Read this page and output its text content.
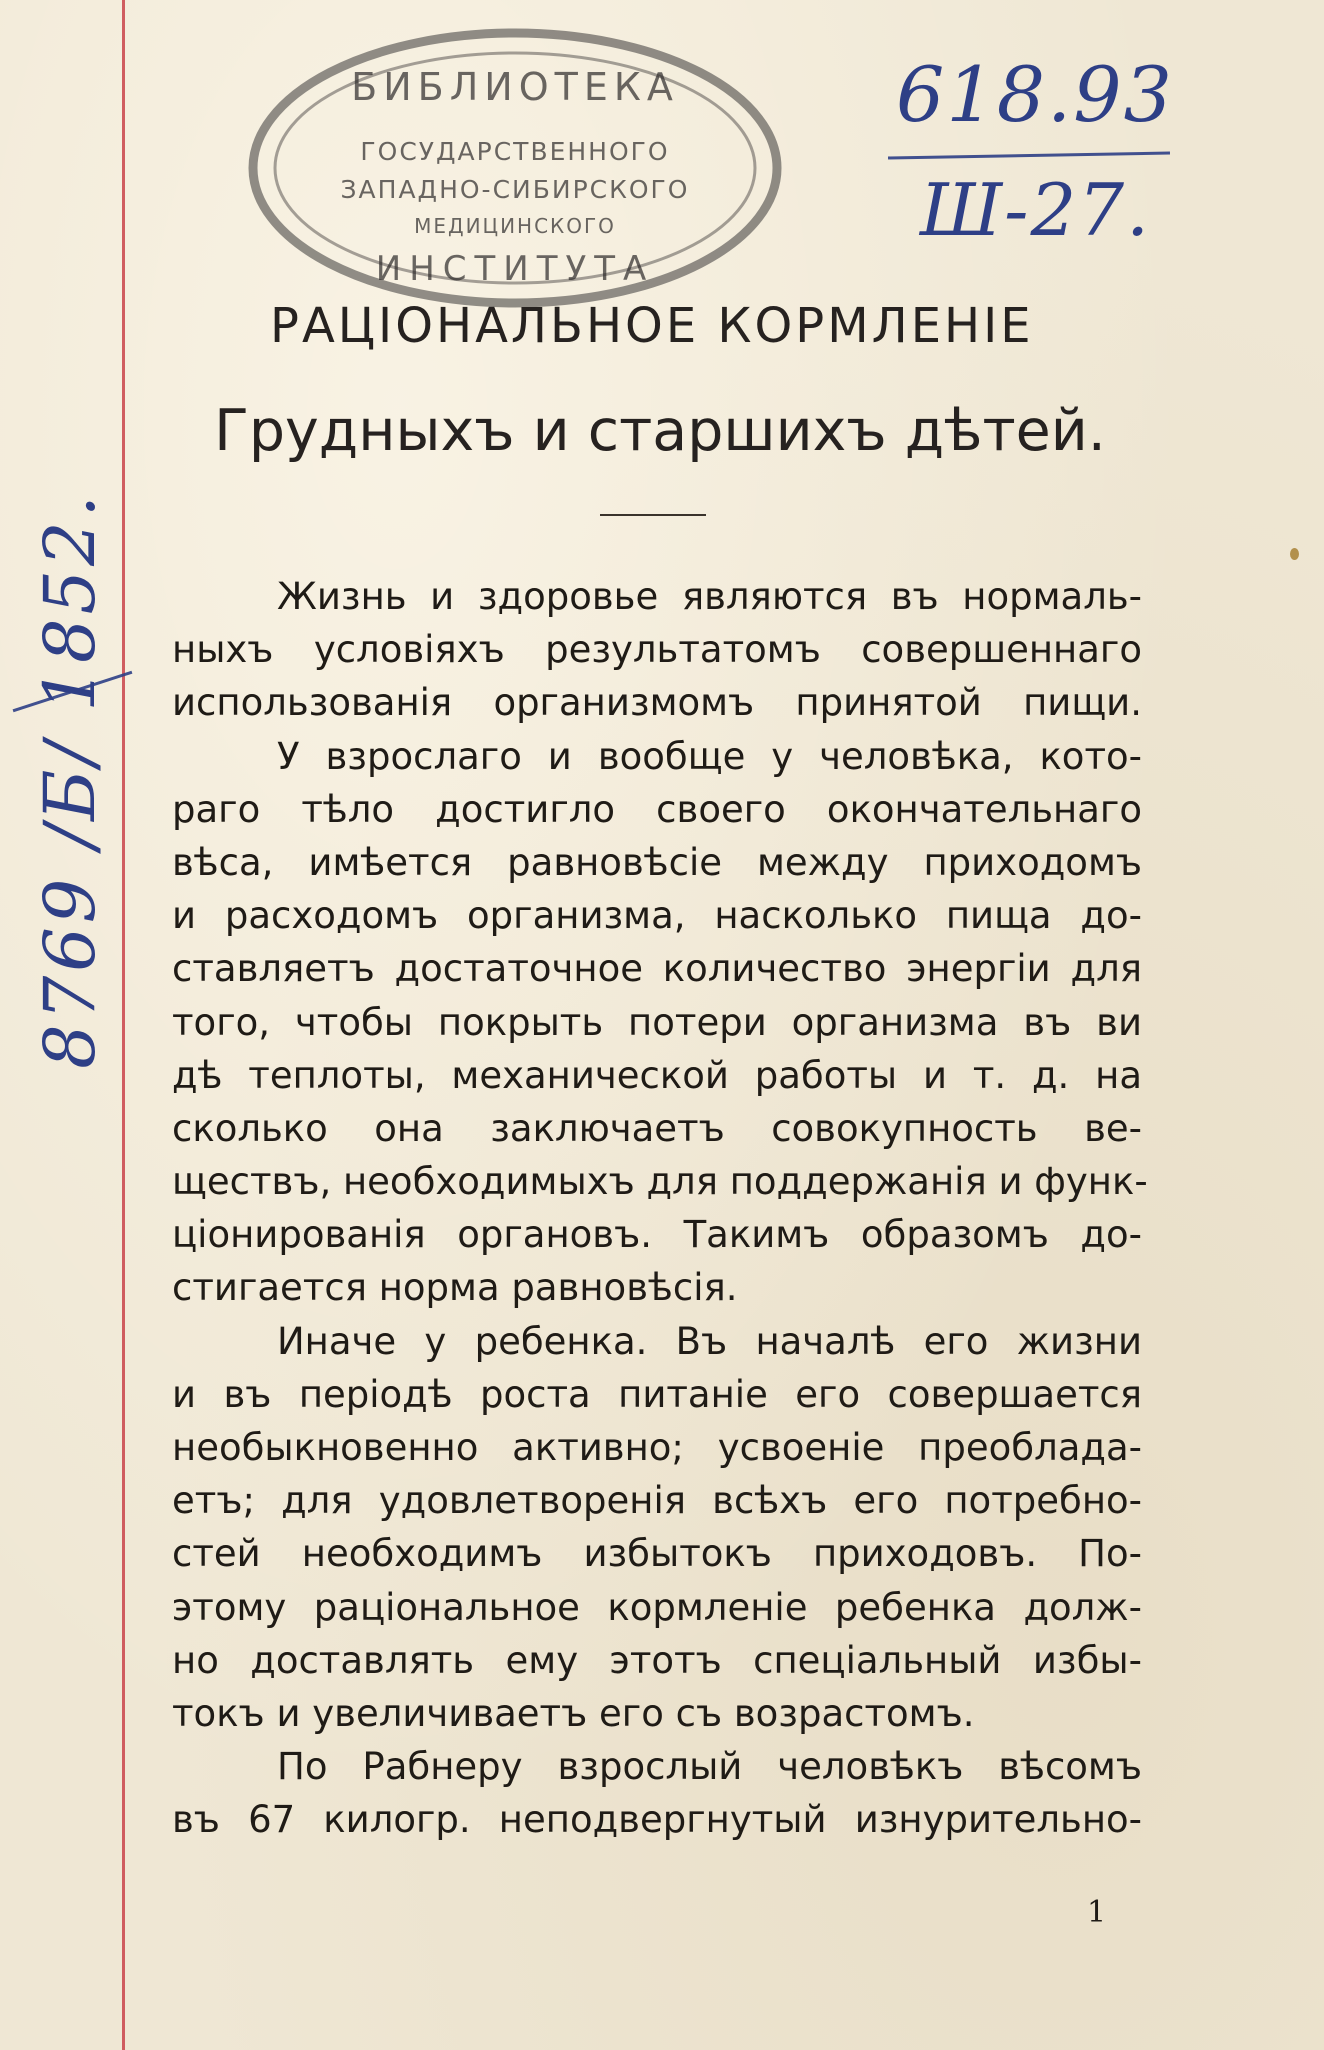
БИБЛИОТЕКА
ГОСУДАРСТВЕННОГО
ЗАПАДНО-СИБИРСКОГО
МЕДИЦИНСКОГО
ИНСТИТУТА
618.93
Ш-27.
8769 /Б/ 1852.
РАЦІОНАЛЬНОЕ КОРМЛЕНІЕ
Грудныхъ и старшихъ дѣтей.
Жизнь и здоровье являются въ нормаль-
ныхъ условіяхъ результатомъ совершеннаго
использованія организмомъ принятой пищи.
У взрослаго и вообще у человѣка, кото-
раго тѣло достигло своего окончательнаго
вѣса, имѣется равновѣсіе между приходомъ
и расходомъ организма, насколько пища до-
ставляетъ достаточное количество энергіи для
того, чтобы покрыть потери организма въ ви
дѣ теплоты, механической работы и т. д. на
сколько она заключаетъ совокупность ве-
ществъ, необходимыхъ для поддержанія и функ-
ціонированія органовъ. Такимъ образомъ до-
стигается норма равновѣсія.
Иначе у ребенка. Въ началѣ его жизни
и въ періодѣ роста питаніе его совершается
необыкновенно активно; усвоеніе преоблада-
етъ; для удовлетворенія всѣхъ его потребно-
стей необходимъ избытокъ приходовъ. По-
этому раціональное кормленіе ребенка долж-
но доставлять ему этотъ спеціальный избы-
токъ и увеличиваетъ его съ возрастомъ.
По Рабнеру взрослый человѣкъ вѣсомъ
въ 67 килогр. неподвергнутый изнурительно-
1
